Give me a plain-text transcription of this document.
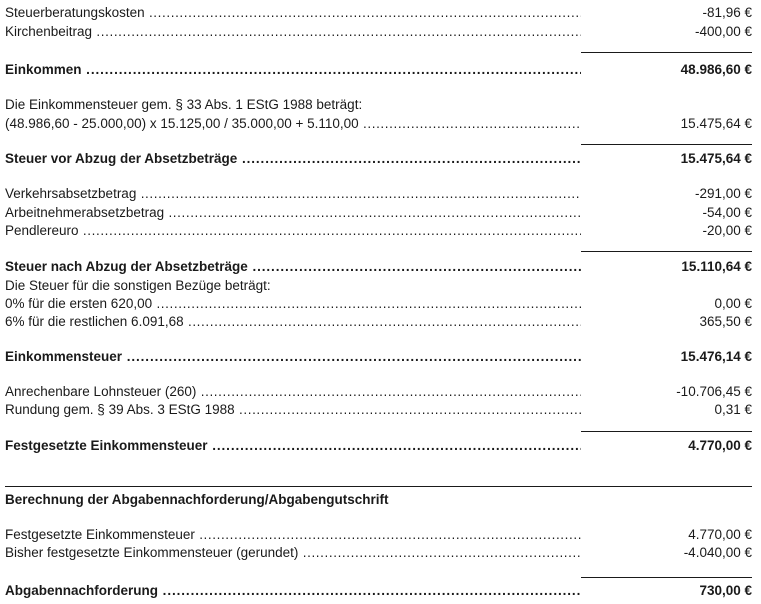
Steuerberatungskosten .....	-81,96 €
Kirchenbeitrag .....	-400,00 €
Einkommen .....	48.986,60 €
Die Einkommensteuer gem. § 33 Abs. 1 EStG 1988 beträgt:
(48.986,60 - 25.000,00) x 15.125,00 / 35.000,00 + 5.110,00 .....	15.475,64 €
Steuer vor Abzug der Absetzbeträge .....	15.475,64 €
Verkehrsabsetzbetrag .....	-291,00 €
Arbeitnehmerabsetzbetrag .....	-54,00 €
Pendlereuro .....	-20,00 €
Steuer nach Abzug der Absetzbeträge .....	15.110,64 €
Die Steuer für die sonstigen Bezüge beträgt:
0% für die ersten 620,00 .....	0,00 €
6% für die restlichen 6.091,68 .....	365,50 €
Einkommensteuer .....	15.476,14 €
Anrechenbare Lohnsteuer (260) .....	-10.706,45 €
Rundung gem. § 39 Abs. 3 EStG 1988 .....	0,31 €
Festgesetzte Einkommensteuer .....	4.770,00 €
Berechnung der Abgabennachforderung/Abgabengutschrift
Festgesetzte Einkommensteuer .....	4.770,00 €
Bisher festgesetzte Einkommensteuer (gerundet) .....	-4.040,00 €
Abgabennachforderung .....	730,00 €
